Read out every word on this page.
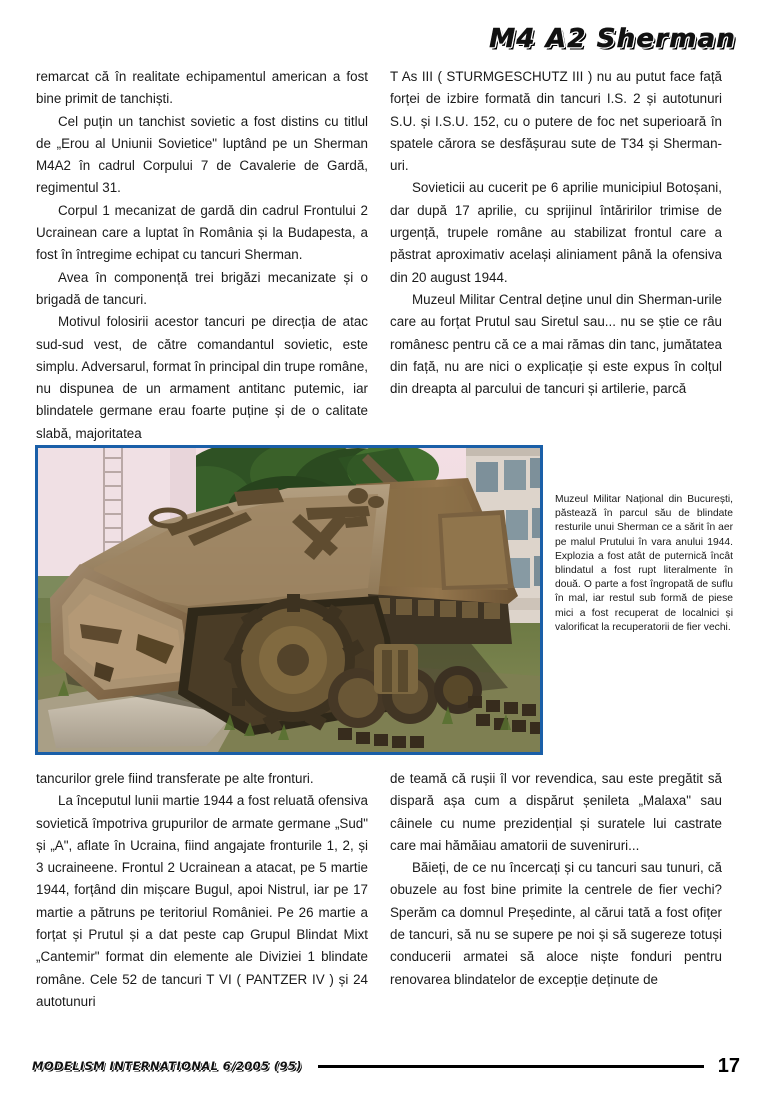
M4 A2 Sherman

remarcat că în realitate echipamentul american a fost bine primit de tanchiști.

Cel puțin un tanchist sovietic a fost distins cu titlul de „Erou al Uniunii Sovietice" luptând pe un Sherman M4A2 în cadrul Corpului 7 de Cavalerie de Gardă, regimentul 31.

Corpul 1 mecanizat de gardă din cadrul Frontului 2 Ucrainean care a luptat în România și la Budapesta, a fost în întregime echipat cu tancuri Sherman.

Avea în componență trei brigăzi mecanizate și o brigadă de tancuri.

Motivul folosirii acestor tancuri pe direcția de atac sud-sud vest, de către comandantul sovietic, este simplu. Adversarul, format în principal din trupe române, nu dispunea de un armament antitanc putemic, iar blindatele germane erau foarte puține și de o calitate slabă, majoritatea

T As III ( STURMGESCHUTZ III ) nu au putut face față forței de izbire formată din tancuri I.S. 2 și autotunuri S.U. și I.S.U. 152, cu o putere de foc net superioară în spatele cărora se desfășurau sute de T34 și Sherman-uri.

Sovieticii au cucerit pe 6 aprilie municipiul Botoșani, dar după 17 aprilie, cu sprijinul întăririlor trimise de urgență, trupele române au stabilizat frontul care a păstrat aproximativ același aliniament până la ofensiva din 20 august 1944.

Muzeul Militar Central deține unul din Sherman-urile care au forțat Prutul sau Siretul sau... nu se știe ce râu românesc pentru că ce a mai rămas din tanc, jumătatea din față, nu are nici o explicație și este expus în colțul din dreapta al parcului de tancuri și artilerie, parcă

Muzeul Militar Național din București, păstează în parcul său de blindate resturile unui Sherman ce a sărit în aer pe malul Prutului în vara anului 1944. Explozia a fost atât de puternică încât blindatul a fost rupt literalmente în două. O parte a fost îngropată de suflu în mal, iar restul sub formă de piese mici a fost recuperat de localnici și valorificat la recuperatorii de fier vechi.

tancurilor grele fiind transferate pe alte fronturi.

La începutul lunii martie 1944 a fost reluată ofensiva sovietică împotriva grupurilor de armate germane „Sud" și „A", aflate în Ucraina, fiind angajate fronturile 1, 2, și 3 ucraineene. Frontul 2 Ucrainean a atacat, pe 5 martie 1944, forțând din mișcare Bugul, apoi Nistrul, iar pe 17 martie a pătruns pe teritoriul României. Pe 26 martie a forțat și Prutul și a dat peste cap Grupul Blindat Mixt „Cantemir" format din elemente ale Diviziei 1 blindate române. Cele 52 de tancuri T VI ( PANTZER IV ) și 24 autotunuri

de teamă că rușii îl vor revendica, sau este pregătit să dispară așa cum a dispărut șenileta „Malaxa" sau câinele cu nume prezidențial și suratele lui castrate care mai hămăiau amatorii de suveniruri...

Băieți, de ce nu încercați și cu tancuri sau tunuri, că obuzele au fost bine primite la centrele de fier vechi? Sperăm ca domnul Președinte, al cărui tată a fost ofițer de tancuri, să nu se supere pe noi și să sugereze totuși conducerii armatei să aloce niște fonduri pentru renovarea blindatelor de excepție deținute de

MODELISM INTERNATIONAL 6/2005 (95)	17
